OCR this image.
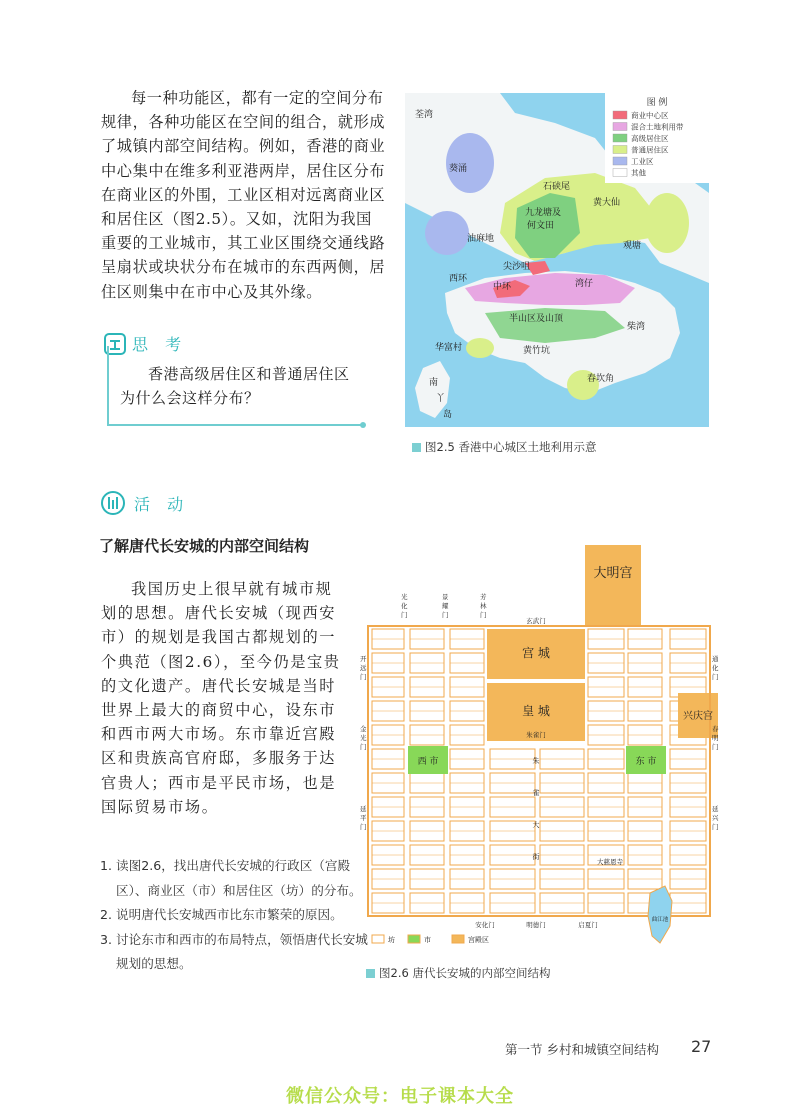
每一种功能区，都有一定的空间分布规律，各种功能区在空间的组合，就形成了城镇内部空间结构。例如，香港的商业中心集中在维多利亚港两岸，居住区分布在商业区的外围，工业区相对远离商业区和居住区（图2.5）。又如，沈阳为我国重要的工业城市，其工业区围绕交通线路呈扇状或块状分布在城市的东西两侧，居住区则集中在市中心及其外缘。
图 例
商业中心区
混合土地利用带
高级居住区
普通居住区
工业区
其他
荃湾
葵涌
石硖尾
黄大仙
九龙塘及
何文田
油麻地
观塘
尖沙咀
西环
中环	湾仔
半山区及山顶
柴湾
华富村	黄竹坑
南
丫
岛
春坎角
图2.5 香港中心城区土地利用示意
思 考
香港高级居住区和普通居住区为什么会这样分布？
活 动
了解唐代长安城的内部空间结构
我国历史上很早就有城市规划的思想。唐代长安城（现西安市）的规划是我国古都规划的一个典范（图2.6），至今仍是宝贵的文化遗产。唐代长安城是当时世界上最大的商贸中心，设东市和西市两大市场。东市靠近宫殿区和贵族高官府邸，多服务于达官贵人；西市是平民市场，也是国际贸易市场。
1. 读图2.6，找出唐代长安城的行政区（宫殿区）、商业区（市）和居住区（坊）的分布。
2. 说明唐代长安城西市比东市繁荣的原因。
3. 讨论东市和西市的布局特点，领悟唐代长安城规划的思想。
大明宫
宫 城
皇 城	兴庆宫
西 市	东 市
玄武门
朱雀门
朱
雀
大
街
大慈恩寺
安化门	明德门	启夏门
曲江池
光化门
景耀门
芳林门
开远门
金光门
延平门
通化门
春明门
延兴门
坊	市	宫殿区
图2.6 唐代长安城的内部空间结构
第一节 乡村和城镇空间结构 27
微信公众号：电子课本大全
